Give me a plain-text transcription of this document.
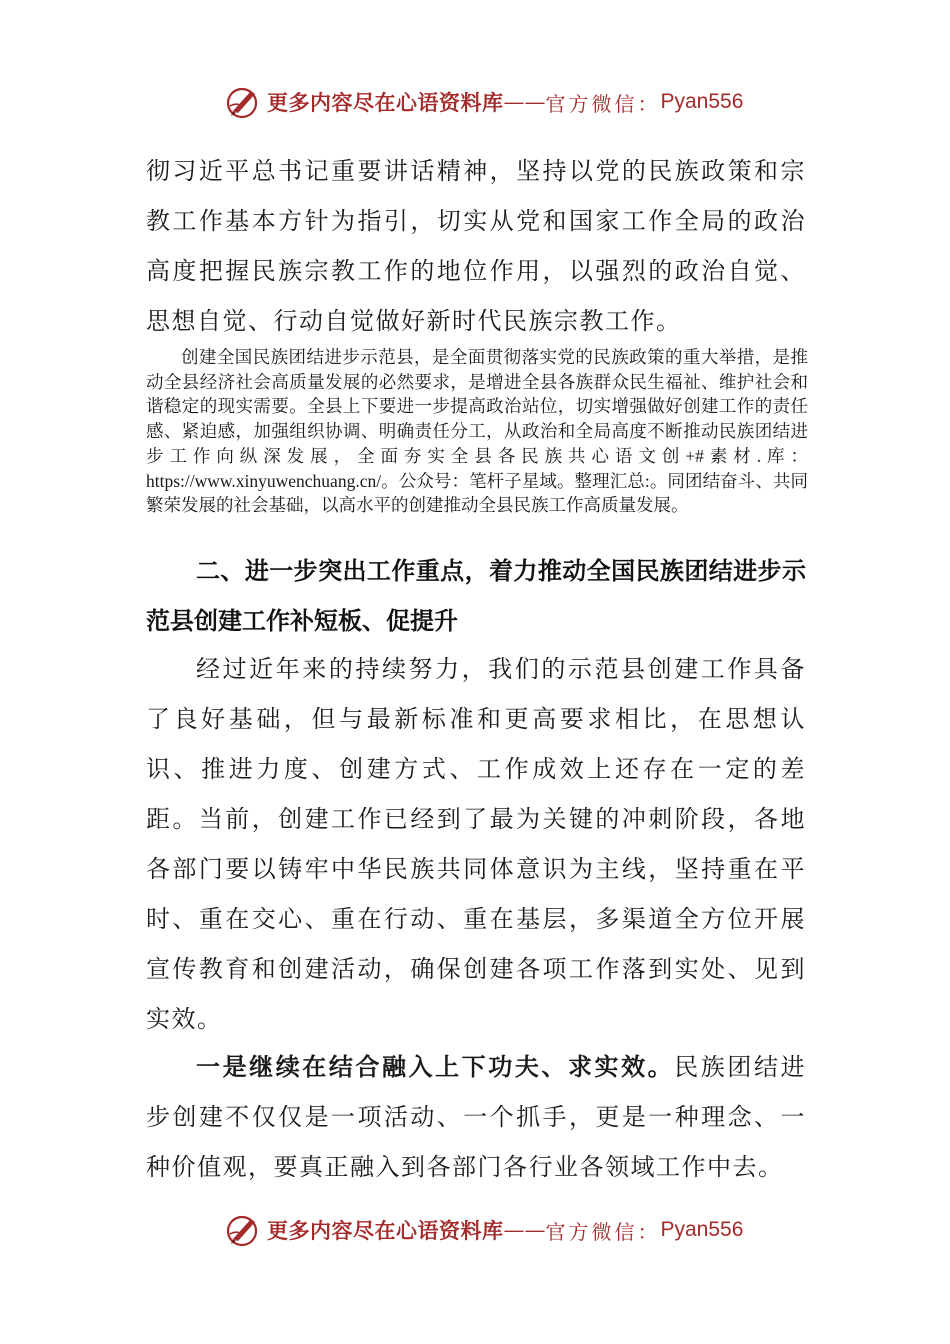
更多内容尽在心语资料库 —— 官方微信： Pyan556
彻习近平总书记重要讲话精神，坚持以党的民族政策和宗教工作基本方针为指引，切实从党和国家工作全局的政治高度把握民族宗教工作的地位作用，以强烈的政治自觉、思想自觉、行动自觉做好新时代民族宗教工作。
创建全国民族团结进步示范县，是全面贯彻落实党的民族政策的重大举措，是推动全县经济社会高质量发展的必然要求，是增进全县各族群众民生福祉、维护社会和谐稳定的现实需要。全县上下要进一步提高政治站位，切实增强做好创建工作的责任感、紧迫感，加强组织协调、明确责任分工，从政治和全局高度不断推动民族团结进步工作向纵深发展，全面夯实全县各民族共心语文创+#素材.库：https://www.xinyuwenchuang.cn/。公众号：笔杆子星域。整理汇总:。同团结奋斗、共同繁荣发展的社会基础，以高水平的创建推动全县民族工作高质量发展。
二、进一步突出工作重点，着力推动全国民族团结进步示范县创建工作补短板、促提升
经过近年来的持续努力，我们的示范县创建工作具备了良好基础，但与最新标准和更高要求相比，在思想认识、推进力度、创建方式、工作成效上还存在一定的差距。当前，创建工作已经到了最为关键的冲刺阶段，各地各部门要以铸牢中华民族共同体意识为主线，坚持重在平时、重在交心、重在行动、重在基层，多渠道全方位开展宣传教育和创建活动，确保创建各项工作落到实处、见到实效。
一是继续在结合融入上下功夫、求实效。民族团结进步创建不仅仅是一项活动、一个抓手，更是一种理念、一种价值观，要真正融入到各部门各行业各领域工作中去。
更多内容尽在心语资料库 —— 官方微信： Pyan556
